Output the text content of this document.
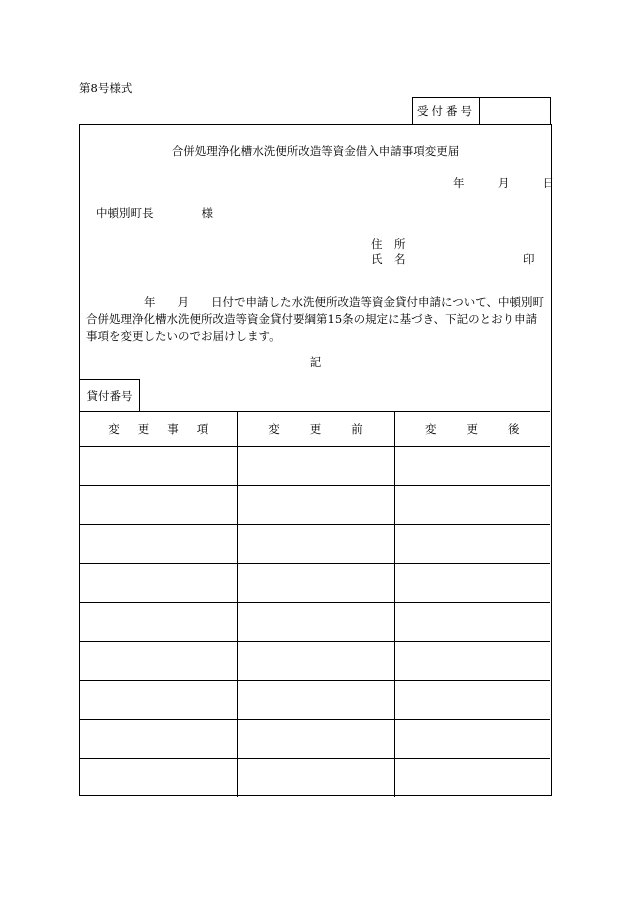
第8号様式
受付番号
合併処理浄化槽水洗便所改造等資金借入申請事項変更届
年	月	日
中頓別町長	様
住　所
氏　名	印
年 月 日付で申請した水洗便所改造等資金貸付申請について、中頓別町合併処理浄化槽水洗便所改造等資金貸付要綱第15条の規定に基づき、下記のとおり申請事項を変更したいのでお届けします。
記
貸付番号
変更事項	変更前	変更後
